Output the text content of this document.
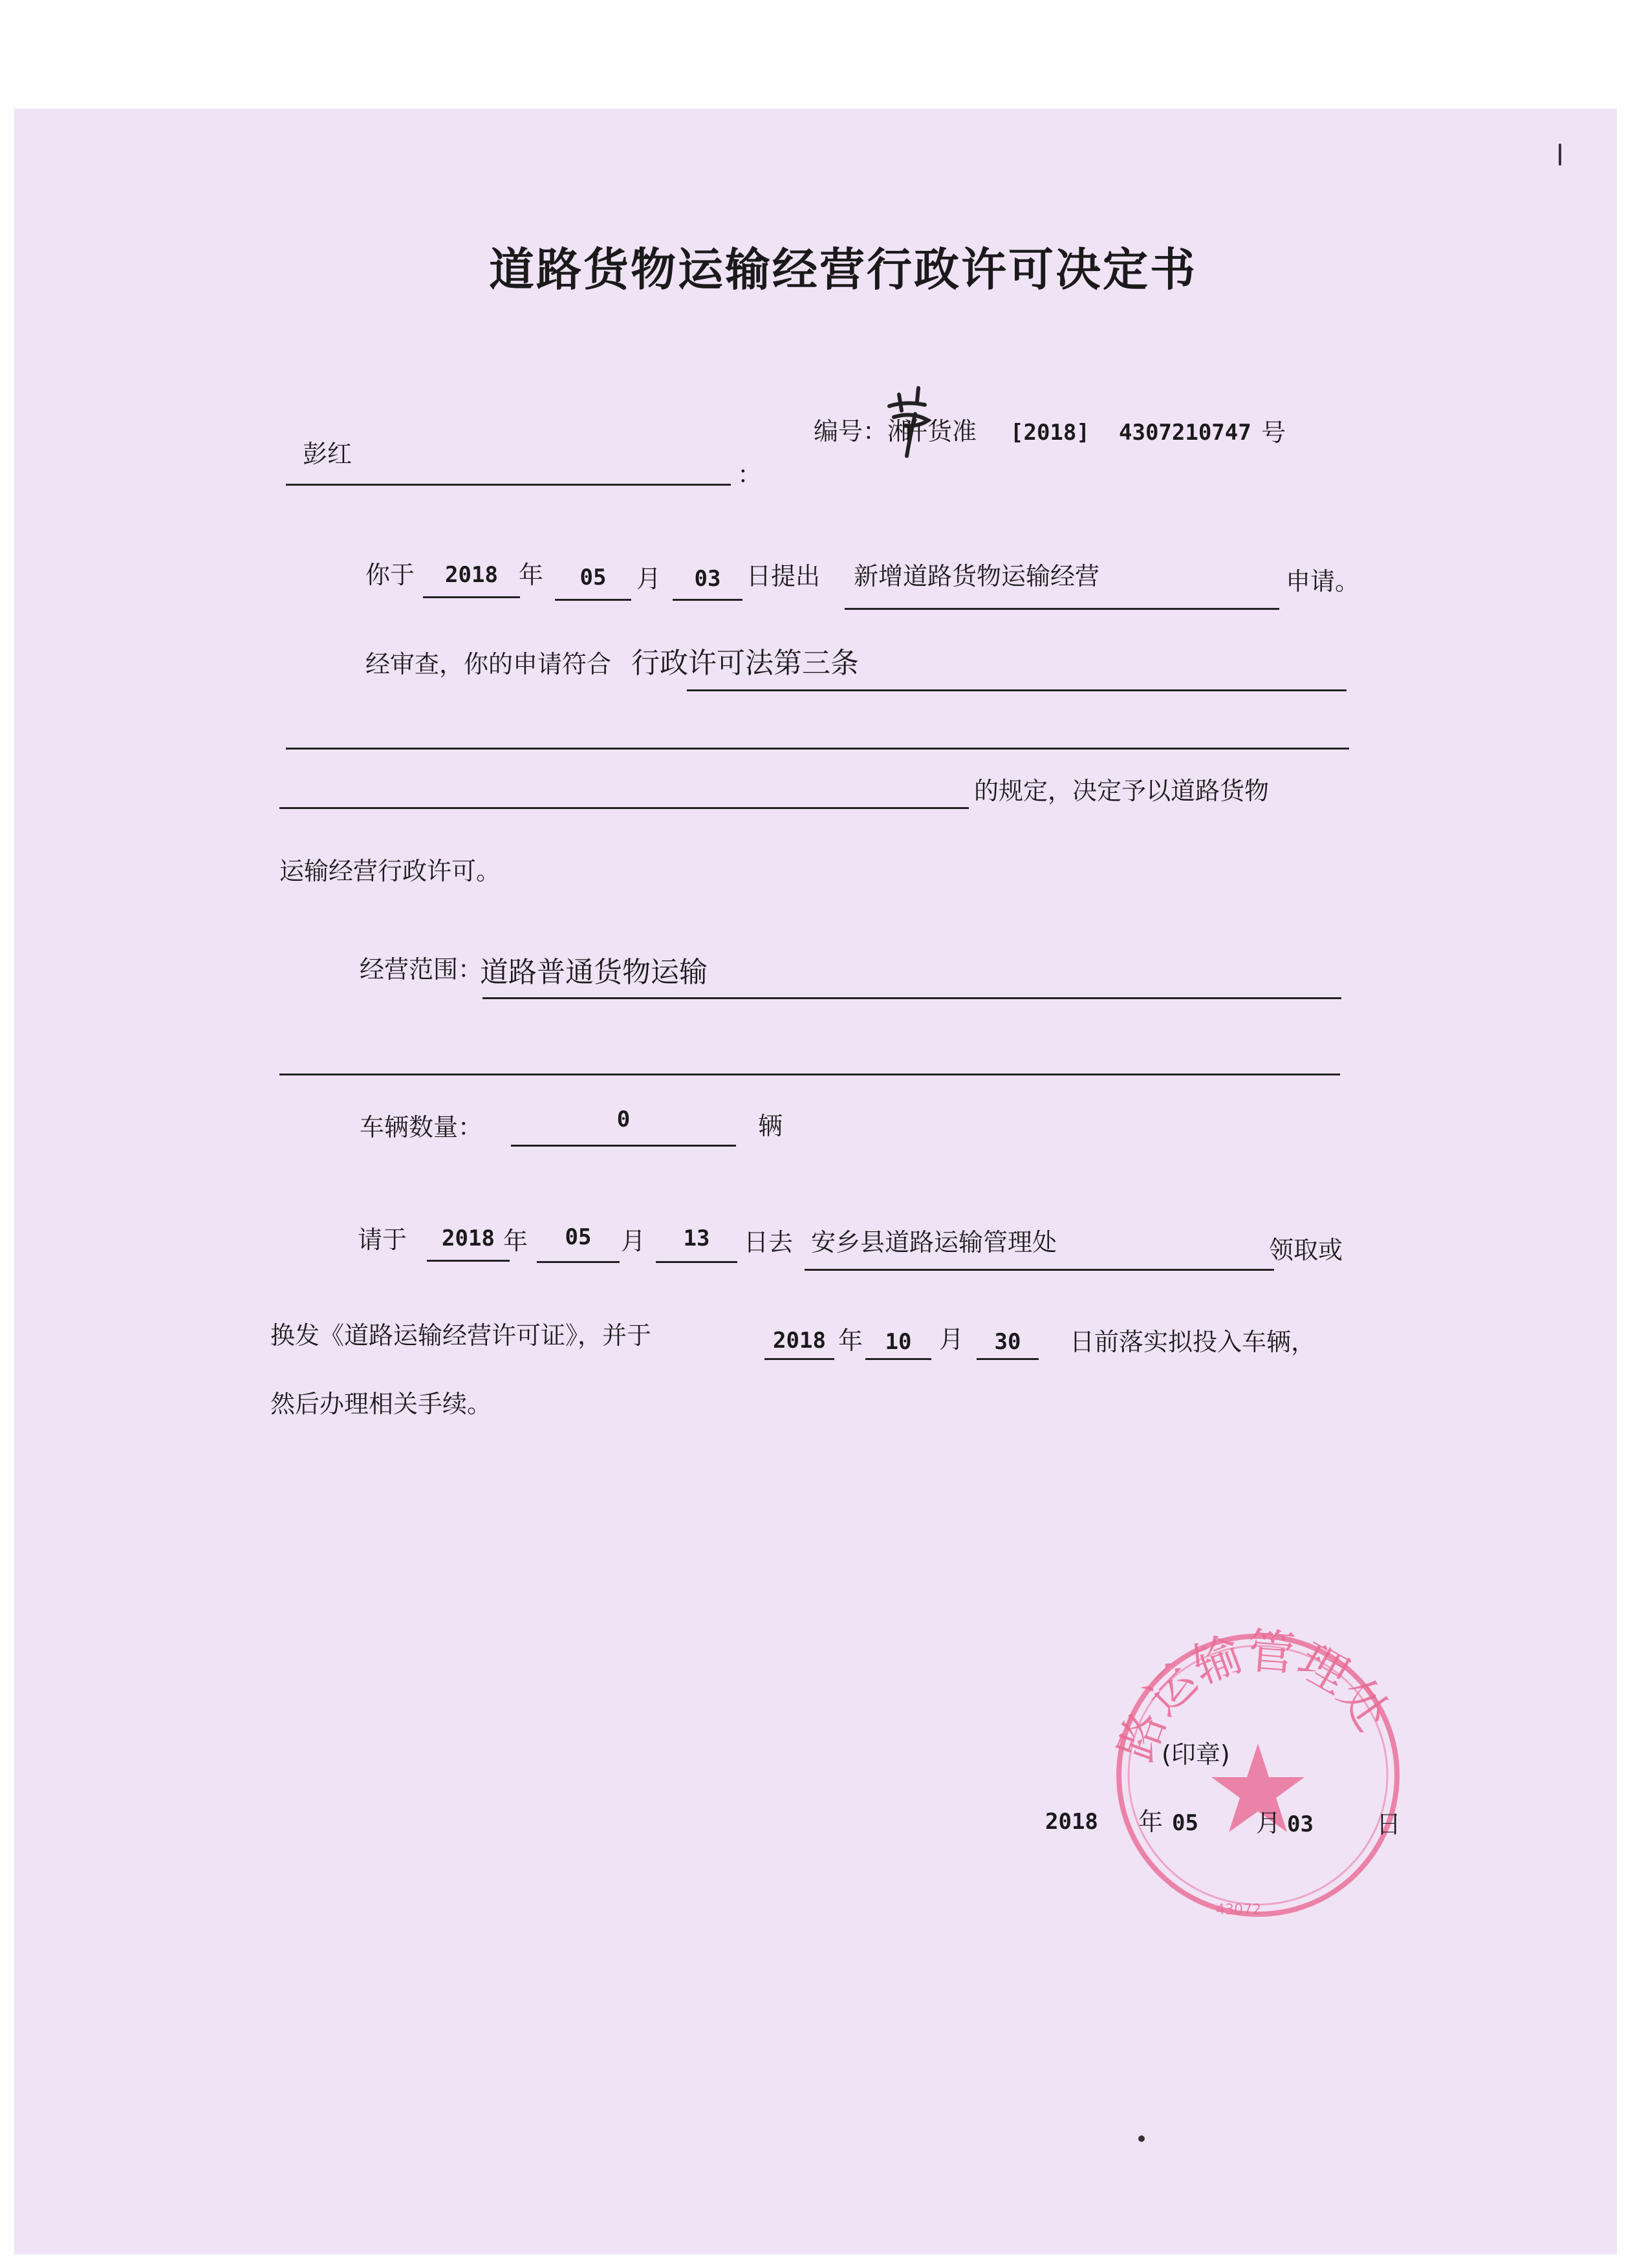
道路货物运输经营行政许可决定书
彭红
：
编号：湘
许货准 [2018] 4307210747 号
你于	2018 年	05	月	03	日提出 新增道路货物运输经营	申请。
经审查，你的申请符合 行政许可法第三条
的规定，决定予以道路货物
运输经营行政许可。
经营范围：
道路普通货物运输
车辆数量：	0	辆
请于	2018 年	05	月	13	日去 安乡县道路运输管理处	领取或
换发《道路运输经营许可证》，并于	2018 年	10	月	30	日前落实拟投入车辆，
然后办理相关手续。
路运输管理处
43072
(印章)
2018 年 05 月 03	日
